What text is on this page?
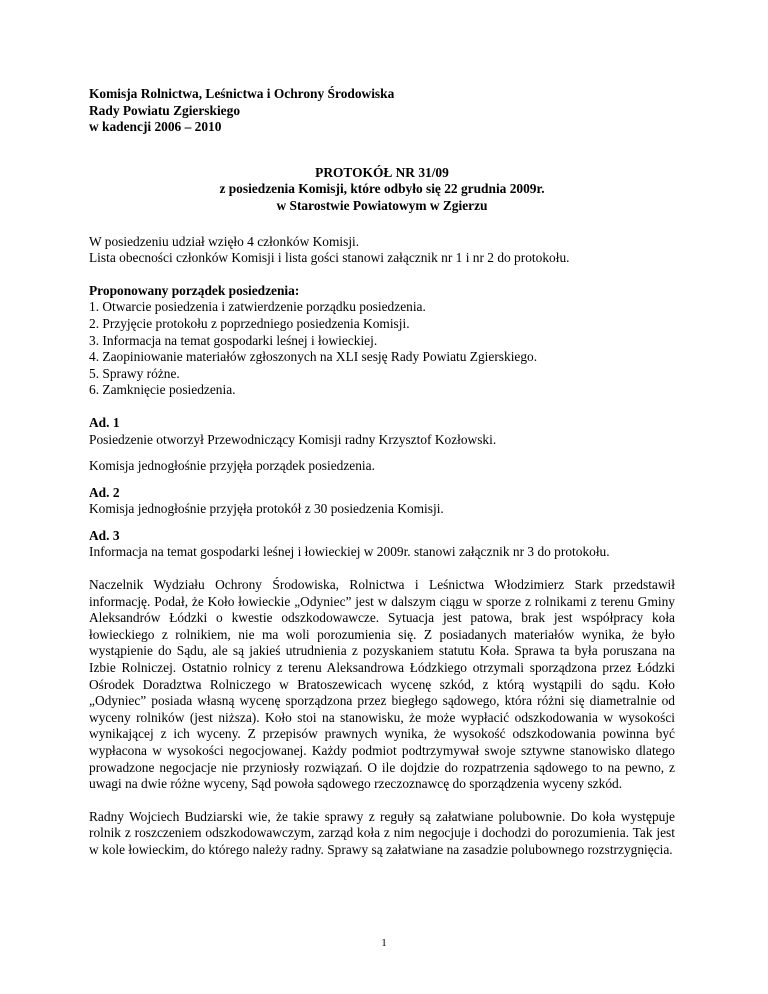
Komisja Rolnictwa, Leśnictwa i Ochrony Środowiska
Rady Powiatu Zgierskiego
w kadencji 2006 – 2010
PROTOKÓŁ NR 31/09
z posiedzenia Komisji, które odbyło się 22 grudnia 2009r.
w Starostwie Powiatowym w Zgierzu
W posiedzeniu udział wzięło 4 członków Komisji.
Lista obecności członków Komisji i lista gości stanowi załącznik nr 1 i nr 2 do protokołu.
Proponowany porządek posiedzenia:
1. Otwarcie posiedzenia i zatwierdzenie porządku posiedzenia.
2. Przyjęcie protokołu z poprzedniego posiedzenia Komisji.
3. Informacja na temat gospodarki leśnej i łowieckiej.
4. Zaopiniowanie materiałów zgłoszonych na XLI sesję Rady Powiatu Zgierskiego.
5. Sprawy różne.
6. Zamknięcie posiedzenia.
Ad. 1

Posiedzenie otworzył Przewodniczący Komisji radny Krzysztof Kozłowski.

Komisja jednogłośnie przyjęła porządek posiedzenia.

Ad. 2

Komisja jednogłośnie przyjęła protokół z 30 posiedzenia Komisji.

Ad. 3

Informacja na temat gospodarki leśnej i łowieckiej w 2009r. stanowi załącznik nr 3 do protokołu.

Naczelnik Wydziału Ochrony Środowiska, Rolnictwa i Leśnictwa Włodzimierz Stark przedstawił informację. Podał, że Koło łowieckie „Odyniec” jest w dalszym ciągu w sporze z rolnikami z terenu Gminy Aleksandrów Łódzki o kwestie odszkodowawcze. Sytuacja jest patowa, brak jest współpracy koła łowieckiego z rolnikiem, nie ma woli porozumienia się. Z posiadanych materiałów wynika, że było wystąpienie do Sądu, ale są jakieś utrudnienia z pozyskaniem statutu Koła. Sprawa ta była poruszana na Izbie Rolniczej. Ostatnio rolnicy z terenu Aleksandrowa Łódzkiego otrzymali sporządzona przez Łódzki Ośrodek Doradztwa Rolniczego w Bratoszewicach wycenę szkód, z którą wystąpili do sądu. Koło „Odyniec” posiada własną wycenę sporządzona przez biegłego sądowego, która różni się diametralnie od wyceny rolników (jest niższa). Koło stoi na stanowisku, że może wypłacić odszkodowania w wysokości wynikającej z ich wyceny. Z przepisów prawnych wynika, że wysokość odszkodowania powinna być wypłacona w wysokości negocjowanej. Każdy podmiot podtrzymywał swoje sztywne stanowisko dlatego prowadzone negocjacje nie przyniosły rozwiązań. O ile dojdzie do rozpatrzenia sądowego to na pewno, z uwagi na dwie różne wyceny, Sąd powoła sądowego rzeczoznawcę do sporządzenia wyceny szkód.

Radny Wojciech Budziarski wie, że takie sprawy z reguły są załatwiane polubownie. Do koła występuje rolnik z roszczeniem odszkodowawczym, zarząd koła z nim negocjuje i dochodzi do porozumienia. Tak jest w kole łowieckim, do którego należy radny. Sprawy są załatwiane na zasadzie polubownego rozstrzygnięcia.

1
